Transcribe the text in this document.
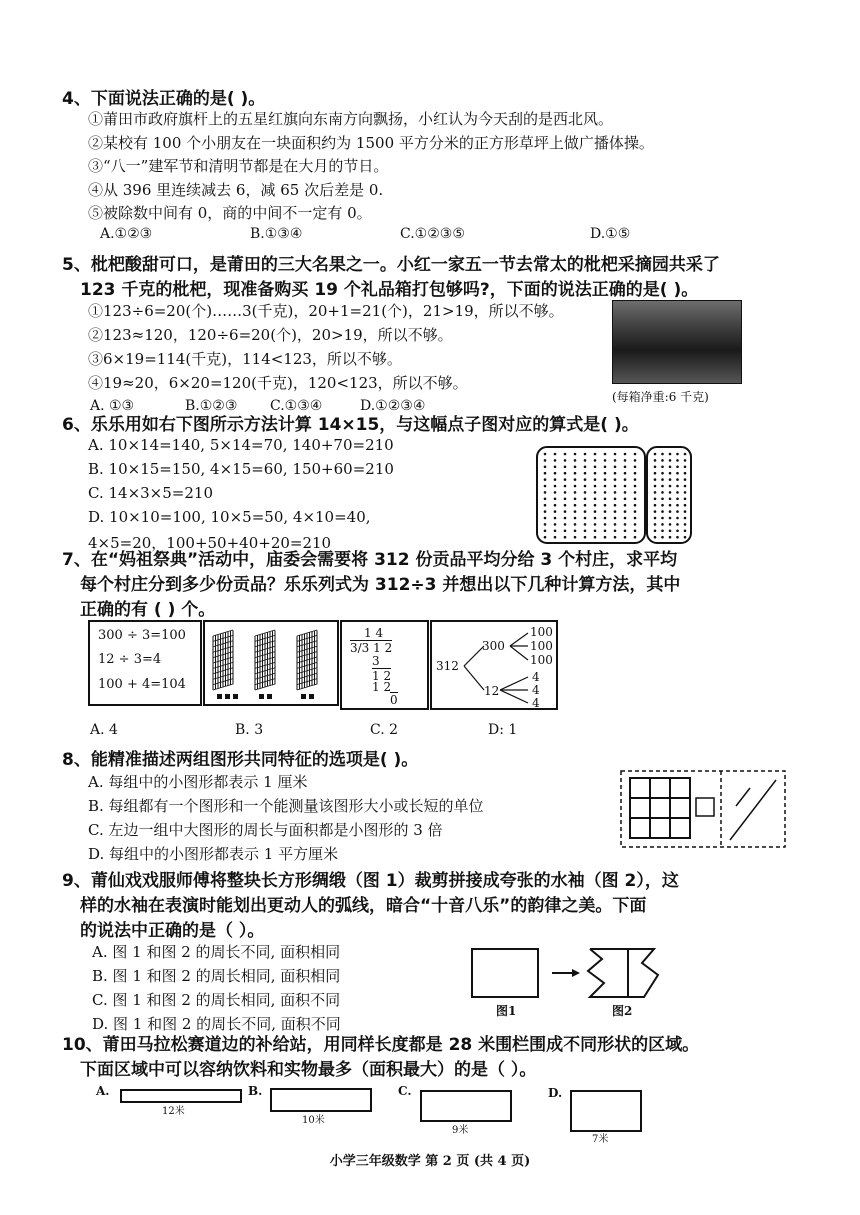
4、下面说法正确的是( )。
①莆田市政府旗杆上的五星红旗向东南方向飘扬，小红认为今天刮的是西北风。
②某校有 100 个小朋友在一块面积约为 1500 平方分米的正方形草坪上做广播体操。
③“八一”建军节和清明节都是在大月的节日。
④从 396 里连续减去 6，减 65 次后差是 0.
⑤被除数中间有 0，商的中间不一定有 0。
A.①②③	B.①③④	C.①②③⑤	D.①⑤
5、枇杷酸甜可口，是莆田的三大名果之一。小红一家五一节去常太的枇杷采摘园共采了
123 千克的枇杷，现准备购买 19 个礼品箱打包够吗?，下面的说法正确的是( )。
①123÷6=20(个)……3(千克)，20+1=21(个)，21>19，所以不够。
②123≈120，120÷6=20(个)，20>19，所以不够。
③6×19=114(千克)，114<123，所以不够。
④19≈20，6×20=120(千克)，120<123，所以不够。
A. ①③	B.①②③ C.①③④	D.①②③④
(每箱净重:6 千克)
6、乐乐用如右下图所示方法计算 14×15，与这幅点子图对应的算式是( )。
A. 10×14=140, 5×14=70, 140+70=210
B. 10×15=150, 4×15=60, 150+60=210
C. 14×3×5=210
D. 10×10=100, 10×5=50, 4×10=40,
4×5=20，100+50+40+20=210
7、在“妈祖祭典”活动中，庙委会需要将 312 份贡品平均分给 3 个村庄，求平均
每个村庄分到多少份贡品？乐乐列式为 312÷3 并想出以下几种计算方法，其中
正确的有 ( ) 个。
300 ÷ 3=100
12 ÷ 3=4
100 + 4=104
1 4
3/3 1 2
3
1 2
1 2
0
312
300
12
100
100
100
4
4
4
A. 4	B. 3	C. 2	D: 1
8、能精准描述两组图形共同特征的选项是( )。
A. 每组中的小图形都表示 1 厘米
B. 每组都有一个图形和一个能测量该图形大小或长短的单位
C. 左边一组中大图形的周长与面积都是小图形的 3 倍
D. 每组中的小图形都表示 1 平方厘米
9、莆仙戏戏服师傅将整块长方形绸缎（图 1）裁剪拼接成夸张的水袖（图 2），这
样的水袖在表演时能划出更动人的弧线，暗合“十音八乐”的韵律之美。下面
的说法中正确的是（ ）。
A. 图 1 和图 2 的周长不同, 面积相同
B. 图 1 和图 2 的周长相同, 面积相同
C. 图 1 和图 2 的周长相同, 面积不同
D. 图 1 和图 2 的周长不同, 面积不同
图1	图2
10、莆田马拉松赛道边的补给站，用同样长度都是 28 米围栏围成不同形状的区域。
下面区域中可以容纳饮料和实物最多（面积最大）的是（ ）。
A.
12米
B.
10米
C.
9米
D.
7米
小学三年级数学 第 2 页 (共 4 页)
